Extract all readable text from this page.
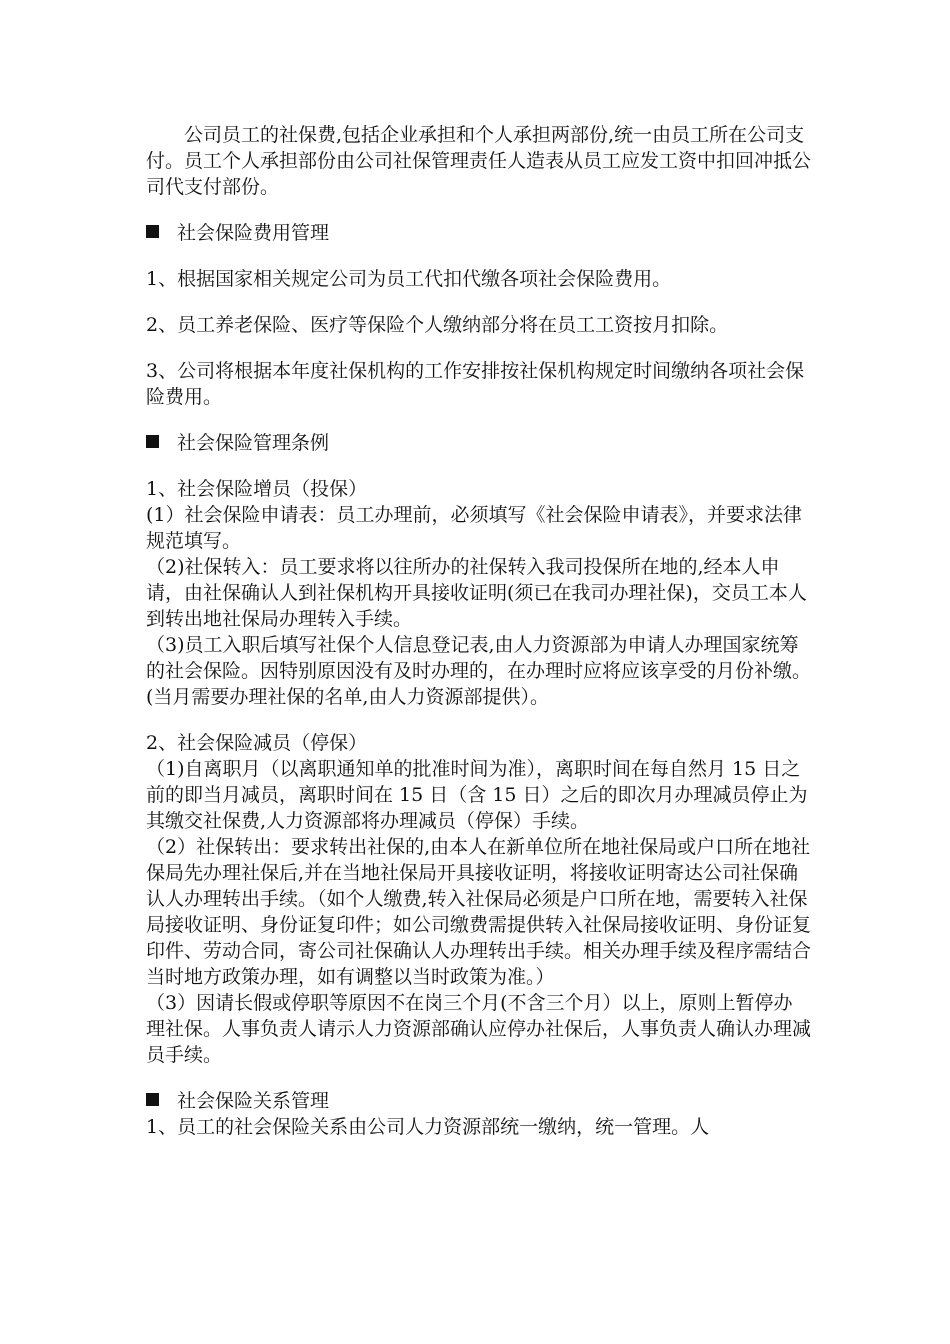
公司员工的社保费,包括企业承担和个人承担两部份,统一由员工所在公司支付。员工个人承担部份由公司社保管理责任人造表从员工应发工资中扣回冲抵公司代支付部份。

社会保险费用管理

1、根据国家相关规定公司为员工代扣代缴各项社会保险费用。

2、员工养老保险、医疗等保险个人缴纳部分将在员工工资按月扣除。

3、公司将根据本年度社保机构的工作安排按社保机构规定时间缴纳各项社会保险费用。

社会保险管理条例

1、社会保险增员（投保）
(1）社会保险申请表：员工办理前，必须填写《社会保险申请表》，并要求法律规范填写。
（2)社保转入：员工要求将以往所办的社保转入我司投保所在地的,经本人申请，由社保确认人到社保机构开具接收证明(须已在我司办理社保)，交员工本人到转出地社保局办理转入手续。
（3)员工入职后填写社保个人信息登记表,由人力资源部为申请人办理国家统筹的社会保险。因特别原因没有及时办理的，在办理时应将应该享受的月份补缴。(当月需要办理社保的名单,由人力资源部提供）。
2、社会保险减员（停保）
（1)自离职月（以离职通知单的批准时间为准），离职时间在每自然月 15 日之前的即当月减员，离职时间在 15 日（含 15 日）之后的即次月办理减员停止为其缴交社保费,人力资源部将办理减员（停保）手续。
（2）社保转出：要求转出社保的,由本人在新单位所在地社保局或户口所在地社保局先办理社保后,并在当地社保局开具接收证明，将接收证明寄达公司社保确认人办理转出手续。（如个人缴费,转入社保局必须是户口所在地，需要转入社保局接收证明、身份证复印件；如公司缴费需提供转入社保局接收证明、身份证复印件、劳动合同，寄公司社保确认人办理转出手续。相关办理手续及程序需结合当时地方政策办理，如有调整以当时政策为准。）
（3）因请长假或停职等原因不在岗三个月(不含三个月）以上，原则上暂停办理社保。人事负责人请示人力资源部确认应停办社保后，人事负责人确认办理减员手续。

社会保险关系管理

1、员工的社会保险关系由公司人力资源部统一缴纳，统一管理。人
